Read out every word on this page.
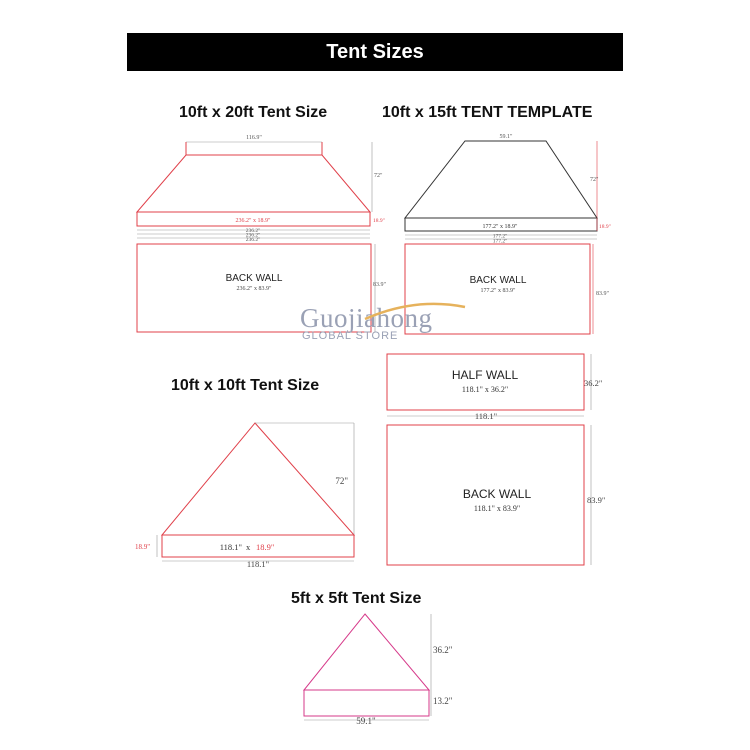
Tent Sizes
10ft x 20ft Tent Size	10ft x 15ft TENT TEMPLATE
10ft x 10ft Tent Size
5ft x 5ft Tent Size
116.9"
72"
236.2" x 18.9"	18.9"
236.2"
236.2"
236.2"
BACK WALL
236.2" x 83.9"
83.9"
59.1"
72"
177.2" x 18.9"	18.9"
177.2"
177.2"
BACK WALL
177.2" x 83.9"	83.9"
72"
18.9"	118.1" x 18.9"
118.1"
HALF WALL
118.1" x 36.2"
36.2"
118.1"
BACK WALL
118.1" x 83.9"
83.9"
36.2"
13.2"
59.1"
Guojiahong
GLOBAL STORE
